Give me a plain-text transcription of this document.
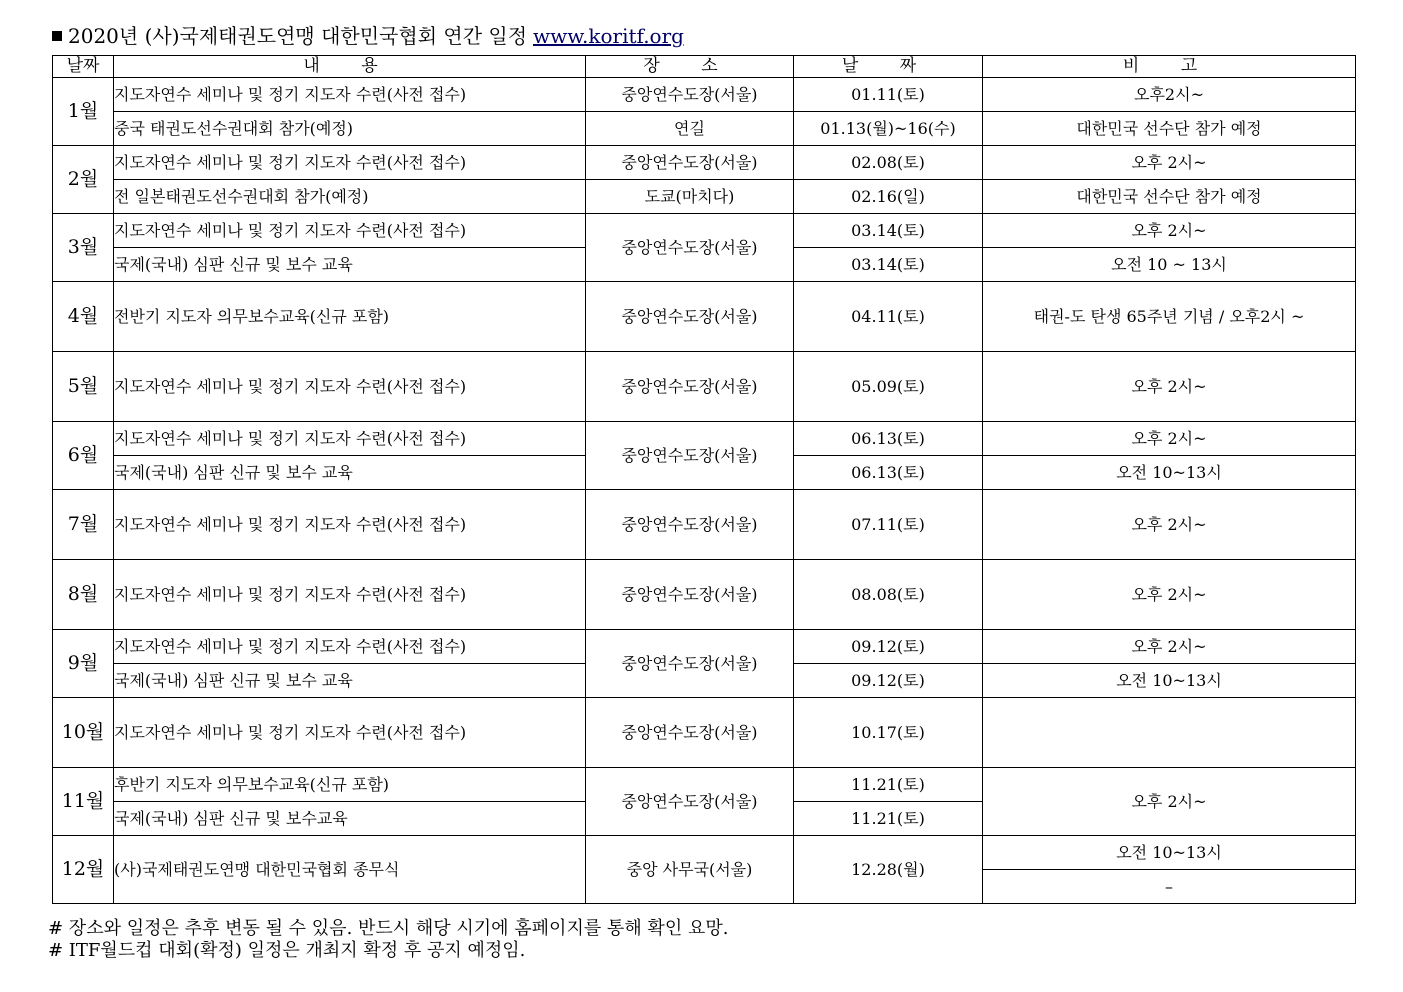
2020년 (사)국제태권도연맹 대한민국협회 연간 일정 www.koritf.org
날짜	내 용	장 소	날 짜	비 고
1월	지도자연수 세미나 및 정기 지도자 수련(사전 접수)	중앙연수도장(서울)	01.11(토)	오후2시~
	중국 태권도선수권대회 참가(예정)	연길	01.13(월)~16(수)	대한민국 선수단 참가 예정
2월	지도자연수 세미나 및 정기 지도자 수련(사전 접수)	중앙연수도장(서울)	02.08(토)	오후 2시~
	전 일본태권도선수권대회 참가(예정)	도쿄(마치다)	02.16(일)	대한민국 선수단 참가 예정
3월	지도자연수 세미나 및 정기 지도자 수련(사전 접수)	중앙연수도장(서울)	03.14(토)	오후 2시~
	국제(국내) 심판 신규 및 보수 교육		03.14(토)	오전 10 ~ 13시
4월	전반기 지도자 의무보수교육(신규 포함)	중앙연수도장(서울)	04.11(토)	태권-도 탄생 65주년 기념 / 오후2시 ~
5월	지도자연수 세미나 및 정기 지도자 수련(사전 접수)	중앙연수도장(서울)	05.09(토)	오후 2시~
6월	지도자연수 세미나 및 정기 지도자 수련(사전 접수)	중앙연수도장(서울)	06.13(토)	오후 2시~
	국제(국내) 심판 신규 및 보수 교육		06.13(토)	오전 10~13시
7월	지도자연수 세미나 및 정기 지도자 수련(사전 접수)	중앙연수도장(서울)	07.11(토)	오후 2시~
8월	지도자연수 세미나 및 정기 지도자 수련(사전 접수)	중앙연수도장(서울)	08.08(토)	오후 2시~
9월	지도자연수 세미나 및 정기 지도자 수련(사전 접수)	중앙연수도장(서울)	09.12(토)	오후 2시~
	국제(국내) 심판 신규 및 보수 교육		09.12(토)	오전 10~13시
10월	지도자연수 세미나 및 정기 지도자 수련(사전 접수)	중앙연수도장(서울)	10.17(토)	
11월	후반기 지도자 의무보수교육(신규 포함)	중앙연수도장(서울)	11.21(토)	오후 2시~
	국제(국내) 심판 신규 및 보수교육		11.21(토)	
12월	(사)국제태권도연맹 대한민국협회 종무식	중앙 사무국(서울)	12.28(월)	오전 10~13시
				–
# 장소와 일정은 추후 변동 될 수 있음. 반드시 해당 시기에 홈페이지를 통해 확인 요망.
# ITF월드컵 대회(확정) 일정은 개최지 확정 후 공지 예정임.
